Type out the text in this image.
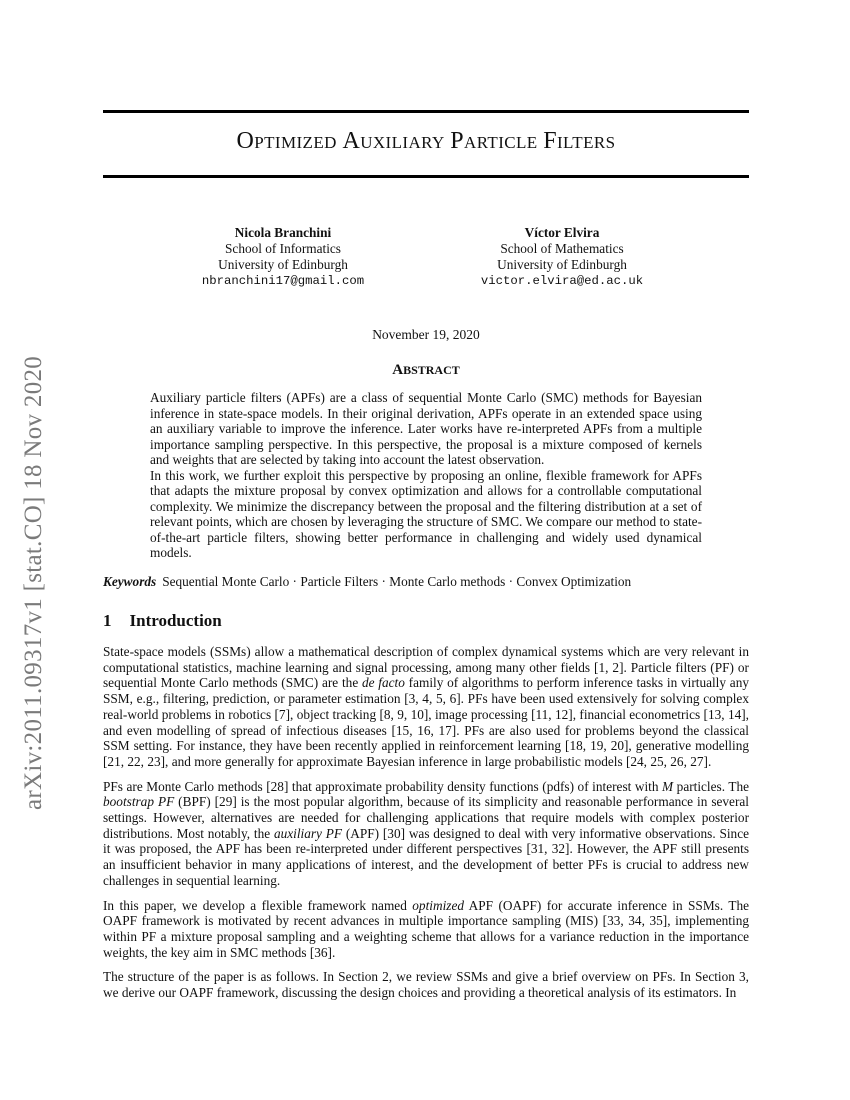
arXiv:2011.09317v1 [stat.CO] 18 Nov 2020
OPTIMIZED AUXILIARY PARTICLE FILTERS
Nicola Branchini
School of Informatics
University of Edinburgh
nbranchini17@gmail.com
Víctor Elvira
School of Mathematics
University of Edinburgh
victor.elvira@ed.ac.uk
November 19, 2020
ABSTRACT

Auxiliary particle filters (APFs) are a class of sequential Monte Carlo (SMC) methods for Bayesian inference in state-space models. In their original derivation, APFs operate in an extended space using an auxiliary variable to improve the inference. Later works have re-interpreted APFs from a multiple importance sampling perspective. In this perspective, the proposal is a mixture composed of kernels and weights that are selected by taking into account the latest observation.

In this work, we further exploit this perspective by proposing an online, flexible framework for APFs that adapts the mixture proposal by convex optimization and allows for a controllable computational complexity. We minimize the discrepancy between the proposal and the filtering distribution at a set of relevant points, which are chosen by leveraging the structure of SMC. We compare our method to state-of-the-art particle filters, showing better performance in challenging and widely used dynamical models.

Keywords Sequential Monte Carlo · Particle Filters · Monte Carlo methods · Convex Optimization
1 Introduction

State-space models (SSMs) allow a mathematical description of complex dynamical systems which are very relevant in computational statistics, machine learning and signal processing, among many other fields [1, 2]. Particle filters (PF) or sequential Monte Carlo methods (SMC) are the de facto family of algorithms to perform inference tasks in virtually any SSM, e.g., filtering, prediction, or parameter estimation [3, 4, 5, 6]. PFs have been used extensively for solving complex real-world problems in robotics [7], object tracking [8, 9, 10], image processing [11, 12], financial econometrics [13, 14], and even modelling of spread of infectious diseases [15, 16, 17]. PFs are also used for problems beyond the classical SSM setting. For instance, they have been recently applied in reinforcement learning [18, 19, 20], generative modelling [21, 22, 23], and more generally for approximate Bayesian inference in large probabilistic models [24, 25, 26, 27].

PFs are Monte Carlo methods [28] that approximate probability density functions (pdfs) of interest with M particles. The bootstrap PF (BPF) [29] is the most popular algorithm, because of its simplicity and reasonable performance in several settings. However, alternatives are needed for challenging applications that require models with complex posterior distributions. Most notably, the auxiliary PF (APF) [30] was designed to deal with very informative observations. Since it was proposed, the APF has been re-interpreted under different perspectives [31, 32]. However, the APF still presents an insufficient behavior in many applications of interest, and the development of better PFs is crucial to address new challenges in sequential learning.

In this paper, we develop a flexible framework named optimized APF (OAPF) for accurate inference in SSMs. The OAPF framework is motivated by recent advances in multiple importance sampling (MIS) [33, 34, 35], implementing within PF a mixture proposal sampling and a weighting scheme that allows for a variance reduction in the importance weights, the key aim in SMC methods [36].

The structure of the paper is as follows. In Section 2, we review SSMs and give a brief overview on PFs. In Section 3, we derive our OAPF framework, discussing the design choices and providing a theoretical analysis of its estimators. In
